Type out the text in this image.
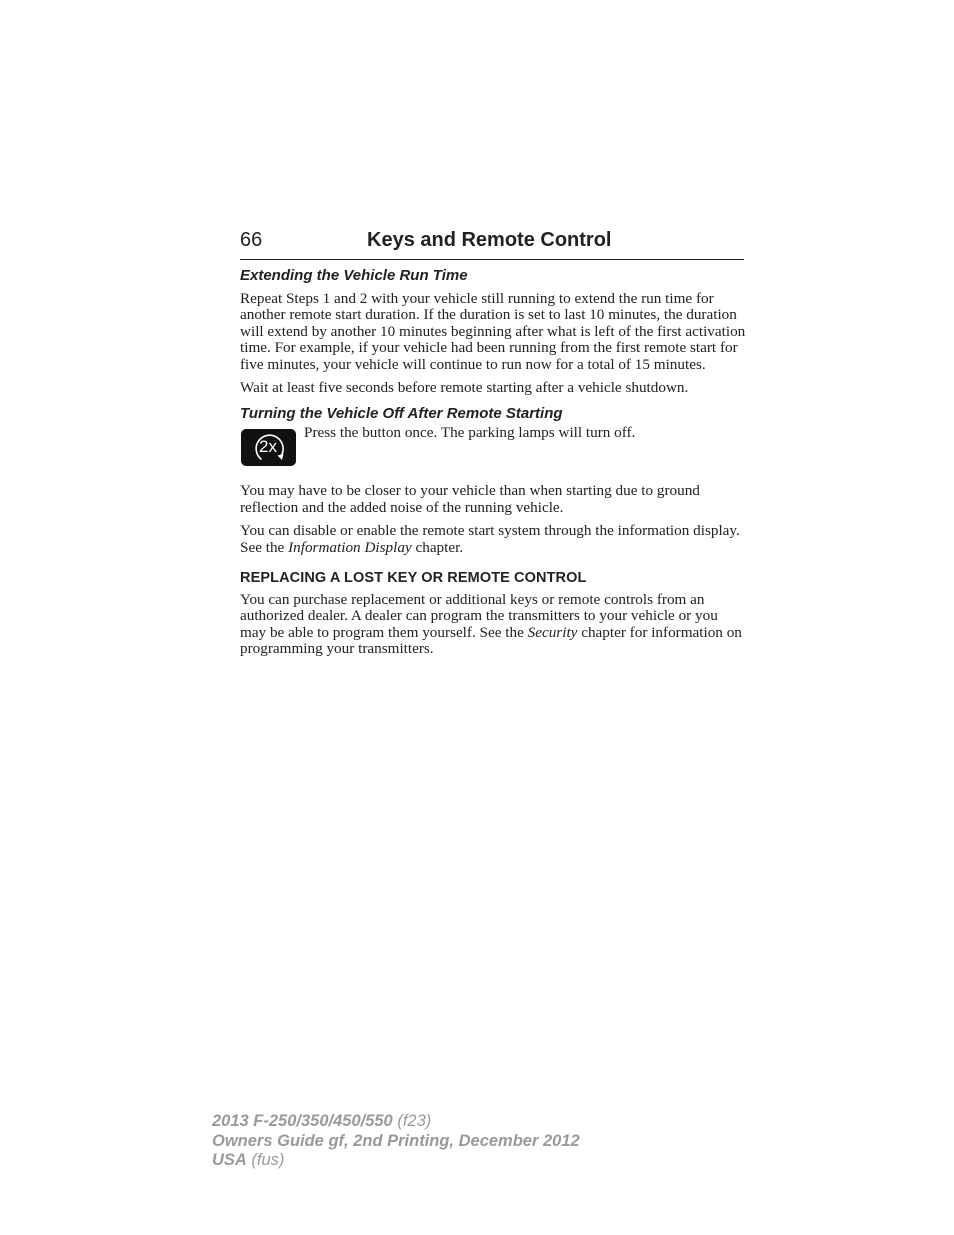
66	Keys and Remote Control
Extending the Vehicle Run Time

Repeat Steps 1 and 2 with your vehicle still running to extend the run time for another remote start duration. If the duration is set to last 10 minutes, the duration will extend by another 10 minutes beginning after what is left of the first activation time. For example, if your vehicle had been running from the first remote start for five minutes, your vehicle will continue to run now for a total of 15 minutes.

Wait at least five seconds before remote starting after a vehicle shutdown.

Turning the Vehicle Off After Remote Starting
2x

Press the button once. The parking lamps will turn off.

You may have to be closer to your vehicle than when starting due to ground reflection and the added noise of the running vehicle.

You can disable or enable the remote start system through the information display. See the Information Display chapter.

REPLACING A LOST KEY OR REMOTE CONTROL

You can purchase replacement or additional keys or remote controls from an authorized dealer. A dealer can program the transmitters to your vehicle or you may be able to program them yourself. See the Security chapter for information on programming your transmitters.

2013 F-250/350/450/550 (f23)
Owners Guide gf, 2nd Printing, December 2012
USA (fus)
